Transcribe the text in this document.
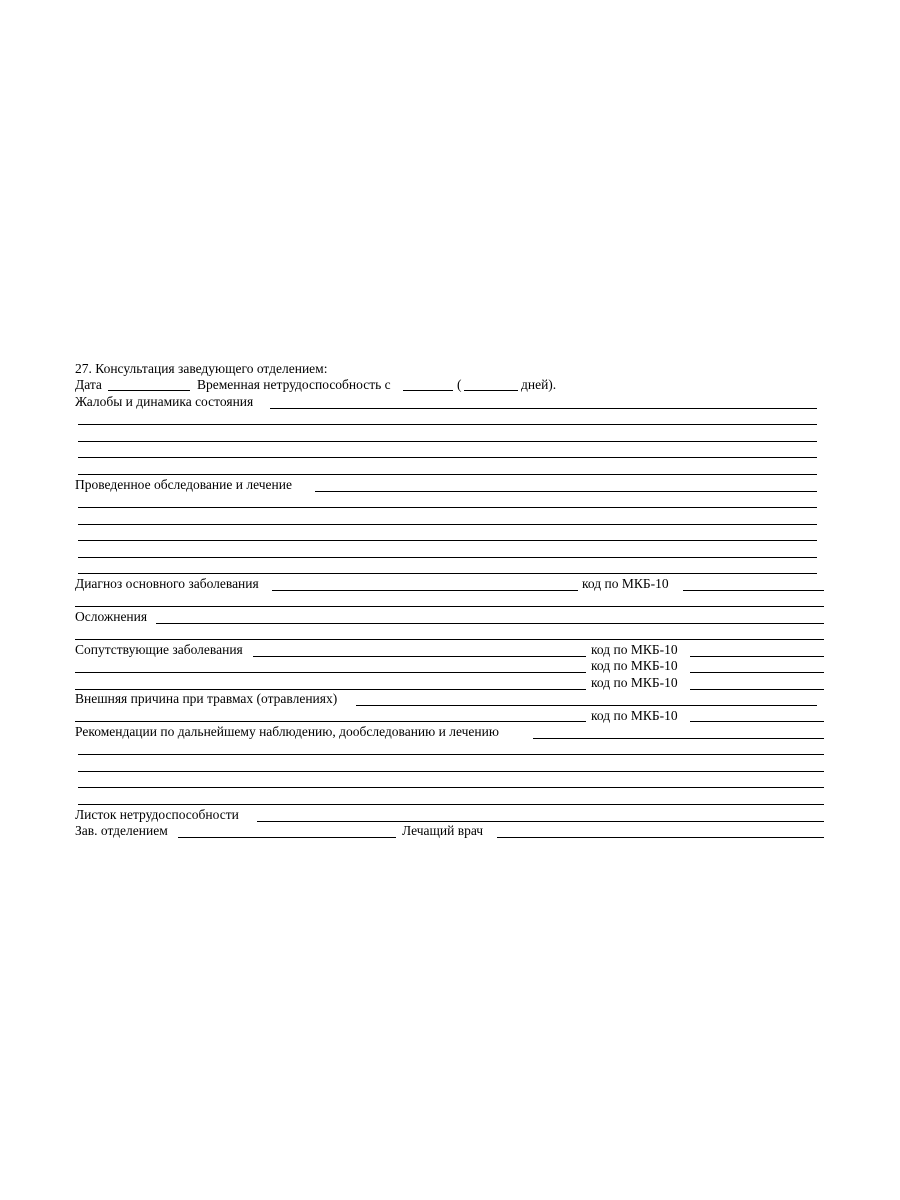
27. Консультация заведующего отделением:
Дата	Временная нетрудоспособность с	(	дней).
Жалобы и динамика состояния
Проведенное обследование и лечение
Диагноз основного заболевания	код по МКБ-10
Осложнения
Сопутствующие заболевания	код по МКБ-10
код по МКБ-10
код по МКБ-10
Внешняя причина при травмах (отравлениях)
код по МКБ-10
Рекомендации по дальнейшему наблюдению, дообследованию и лечению
Листок нетрудоспособности
Зав. отделением	Лечащий врач
